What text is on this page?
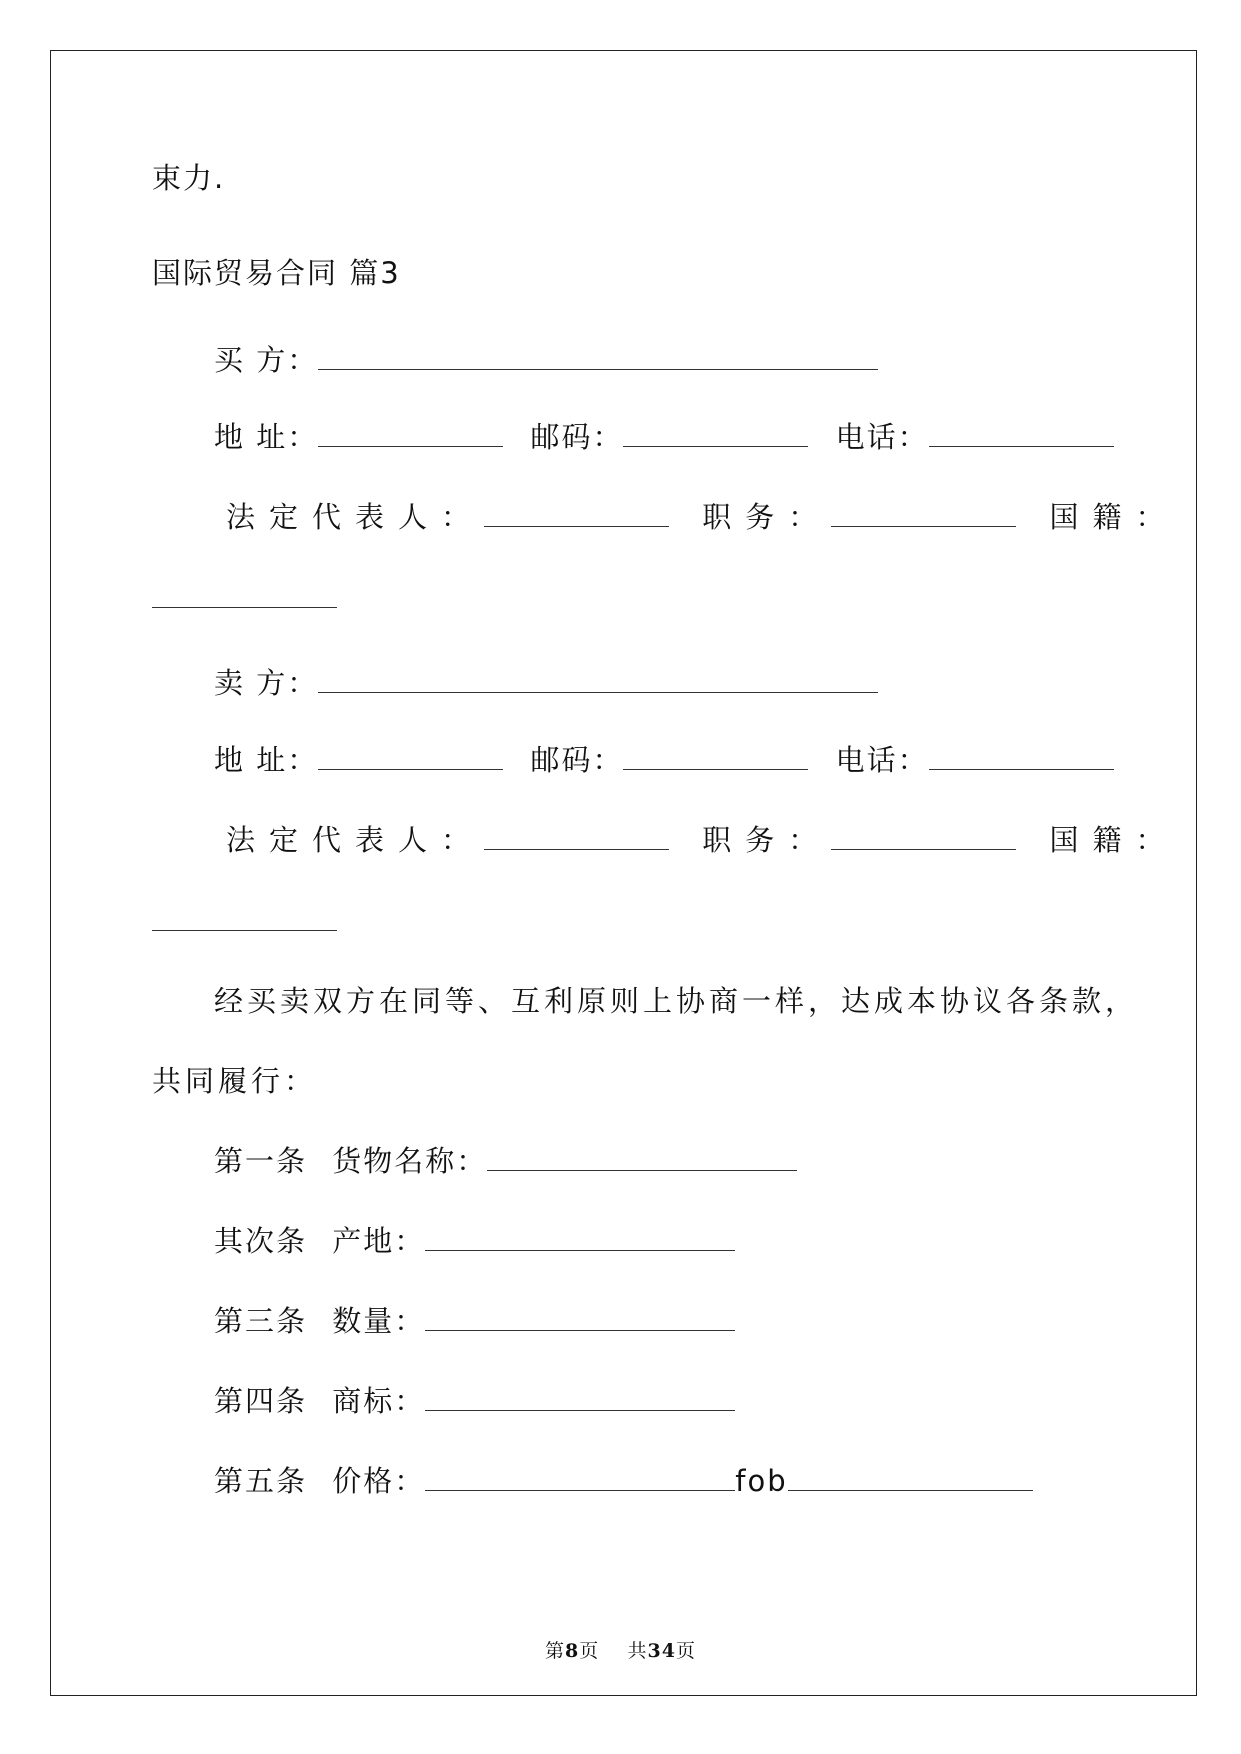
束力.
国际贸易合同 篇3
买 方：
地 址：	邮码：	电话：
法定代表人：	职务：	国籍：
卖 方：
地 址：	邮码：	电话：
法定代表人：	职务：	国籍：
经买卖双方在同等、互利原则上协商一样，达成本协议各条款，
共同履行：
第一条 货物名称：
其次条 产地：
第三条 数量：
第四条 商标：
第五条 价格：	fob
第8页 共34页
